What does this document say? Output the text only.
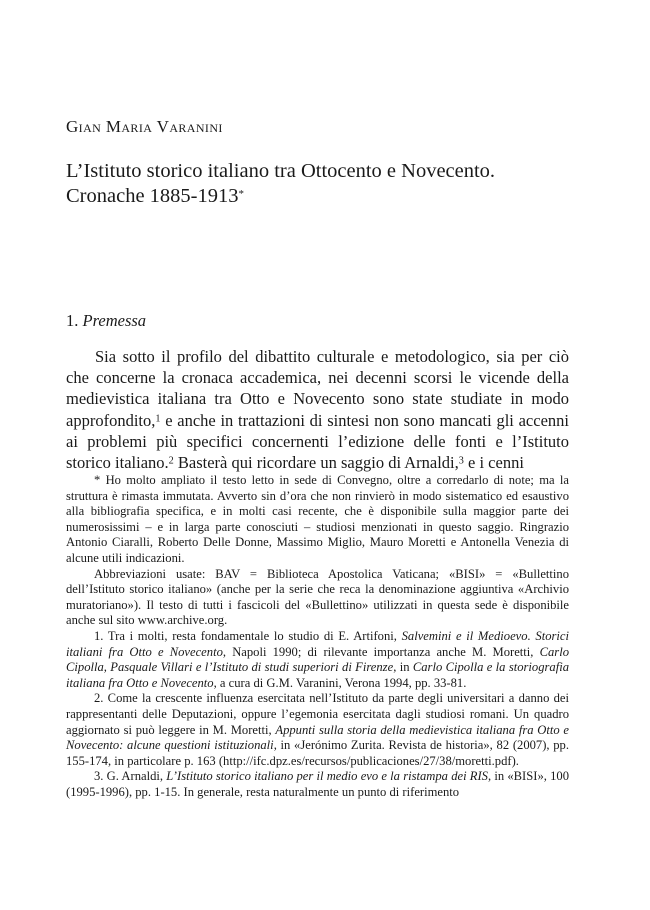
Gian Maria Varanini
L’Istituto storico italiano tra Ottocento e Novecento.
Cronache 1885-1913*
1. Premessa

Sia sotto il profilo del dibattito culturale e metodologico, sia per ciò che concerne la cronaca accademica, nei decenni scorsi le vicende della medievistica italiana tra Otto e Novecento sono state studiate in modo approfondito,$^1$ e anche in trattazioni di sintesi non sono mancati gli accenni ai problemi più specifici concernenti l’edizione delle fonti e l’Istituto storico italiano.$^2$ Basterà qui ricordare un saggio di Arnaldi,$^3$ e i cenni

* Ho molto ampliato il testo letto in sede di Convegno, oltre a corredarlo di note; ma la struttura è rimasta immutata. Avverto sin d’ora che non rinvierò in modo sistematico ed esaustivo alla bibliografia specifica, e in molti casi recente, che è disponibile sulla maggior parte dei numerosissimi – e in larga parte conosciuti – studiosi menzionati in questo saggio. Ringrazio Antonio Ciaralli, Roberto Delle Donne, Massimo Miglio, Mauro Moretti e Antonella Venezia di alcune utili indicazioni.

Abbreviazioni usate: BAV = Biblioteca Apostolica Vaticana; «BISI» = «Bullettino dell’Istituto storico italiano» (anche per la serie che reca la denominazione aggiuntiva «Archivio muratoriano»). Il testo di tutti i fascicoli del «Bullettino» utilizzati in questa sede è disponibile anche sul sito www.archive.org.

1. Tra i molti, resta fondamentale lo studio di E. Artifoni, Salvemini e il Medioevo. Storici italiani fra Otto e Novecento, Napoli 1990; di rilevante importanza anche M. Moretti, Carlo Cipolla, Pasquale Villari e l’Istituto di studi superiori di Firenze, in Carlo Cipolla e la storiografia italiana fra Otto e Novecento, a cura di G.M. Varanini, Verona 1994, pp. 33-81.

2. Come la crescente influenza esercitata nell’Istituto da parte degli universitari a danno dei rappresentanti delle Deputazioni, oppure l’egemonia esercitata dagli studiosi romani. Un quadro aggiornato si può leggere in M. Moretti, Appunti sulla storia della medievistica italiana fra Otto e Novecento: alcune questioni istituzionali, in «Jerónimo Zurita. Revista de historia», 82 (2007), pp. 155-174, in particolare p. 163 (http://ifc.dpz.es/recursos/publicaciones/27/38/moretti.pdf).

3. G. Arnaldi, L’Istituto storico italiano per il medio evo e la ristampa dei RIS, in «BISI», 100 (1995-1996), pp. 1-15. In generale, resta naturalmente un punto di riferimento
